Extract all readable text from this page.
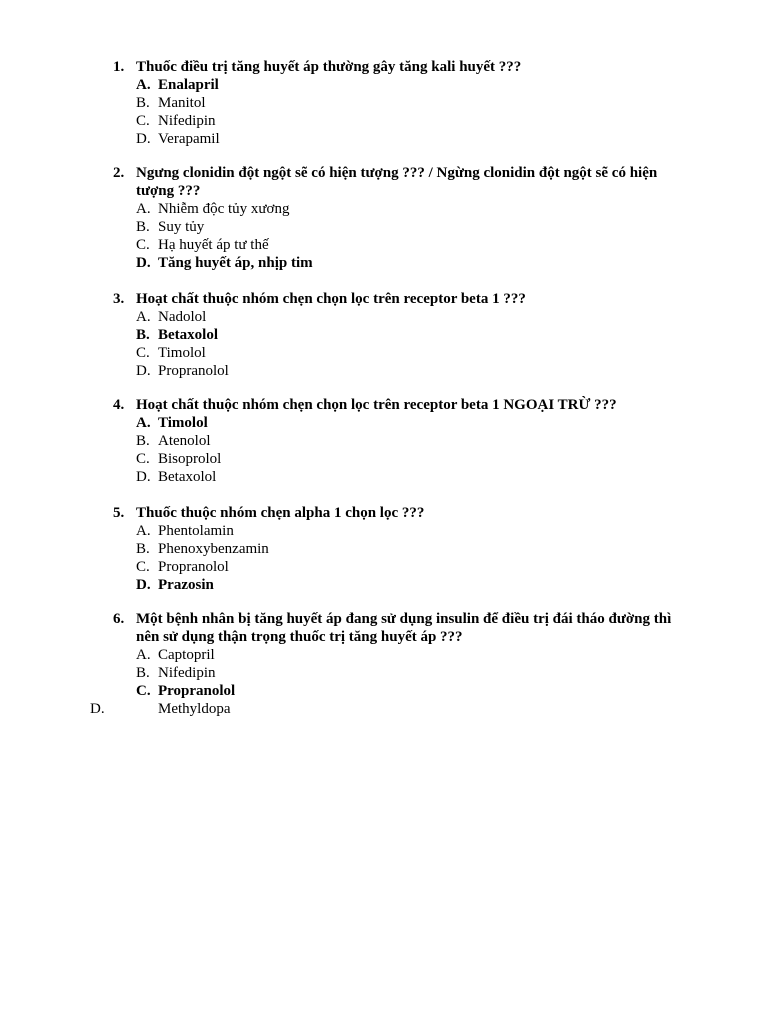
1. Thuốc điều trị tăng huyết áp thường gây tăng kali huyết ???
A. Enalapril
B. Manitol
C. Nifedipin
D. Verapamil
2. Ngưng clonidin đột ngột sẽ có hiện tượng ??? / Ngừng clonidin đột ngột sẽ có hiện tượng ???
A. Nhiễm độc tủy xương
B. Suy tủy
C. Hạ huyết áp tư thế
D. Tăng huyết áp, nhịp tim
3. Hoạt chất thuộc nhóm chẹn chọn lọc trên receptor beta 1 ???
A. Nadolol
B. Betaxolol
C. Timolol
D. Propranolol
4. Hoạt chất thuộc nhóm chẹn chọn lọc trên receptor beta 1 NGOẠI TRỪ ???
A. Timolol
B. Atenolol
C. Bisoprolol
D. Betaxolol
5. Thuốc thuộc nhóm chẹn alpha 1 chọn lọc ???
A. Phentolamin
B. Phenoxybenzamin
C. Propranolol
D. Prazosin
6. Một bệnh nhân bị tăng huyết áp đang sử dụng insulin để điều trị đái tháo đường thì nên sử dụng thận trọng thuốc trị tăng huyết áp ???
A. Captopril
B. Nifedipin
C. Propranolol
D.	Methyldopa
